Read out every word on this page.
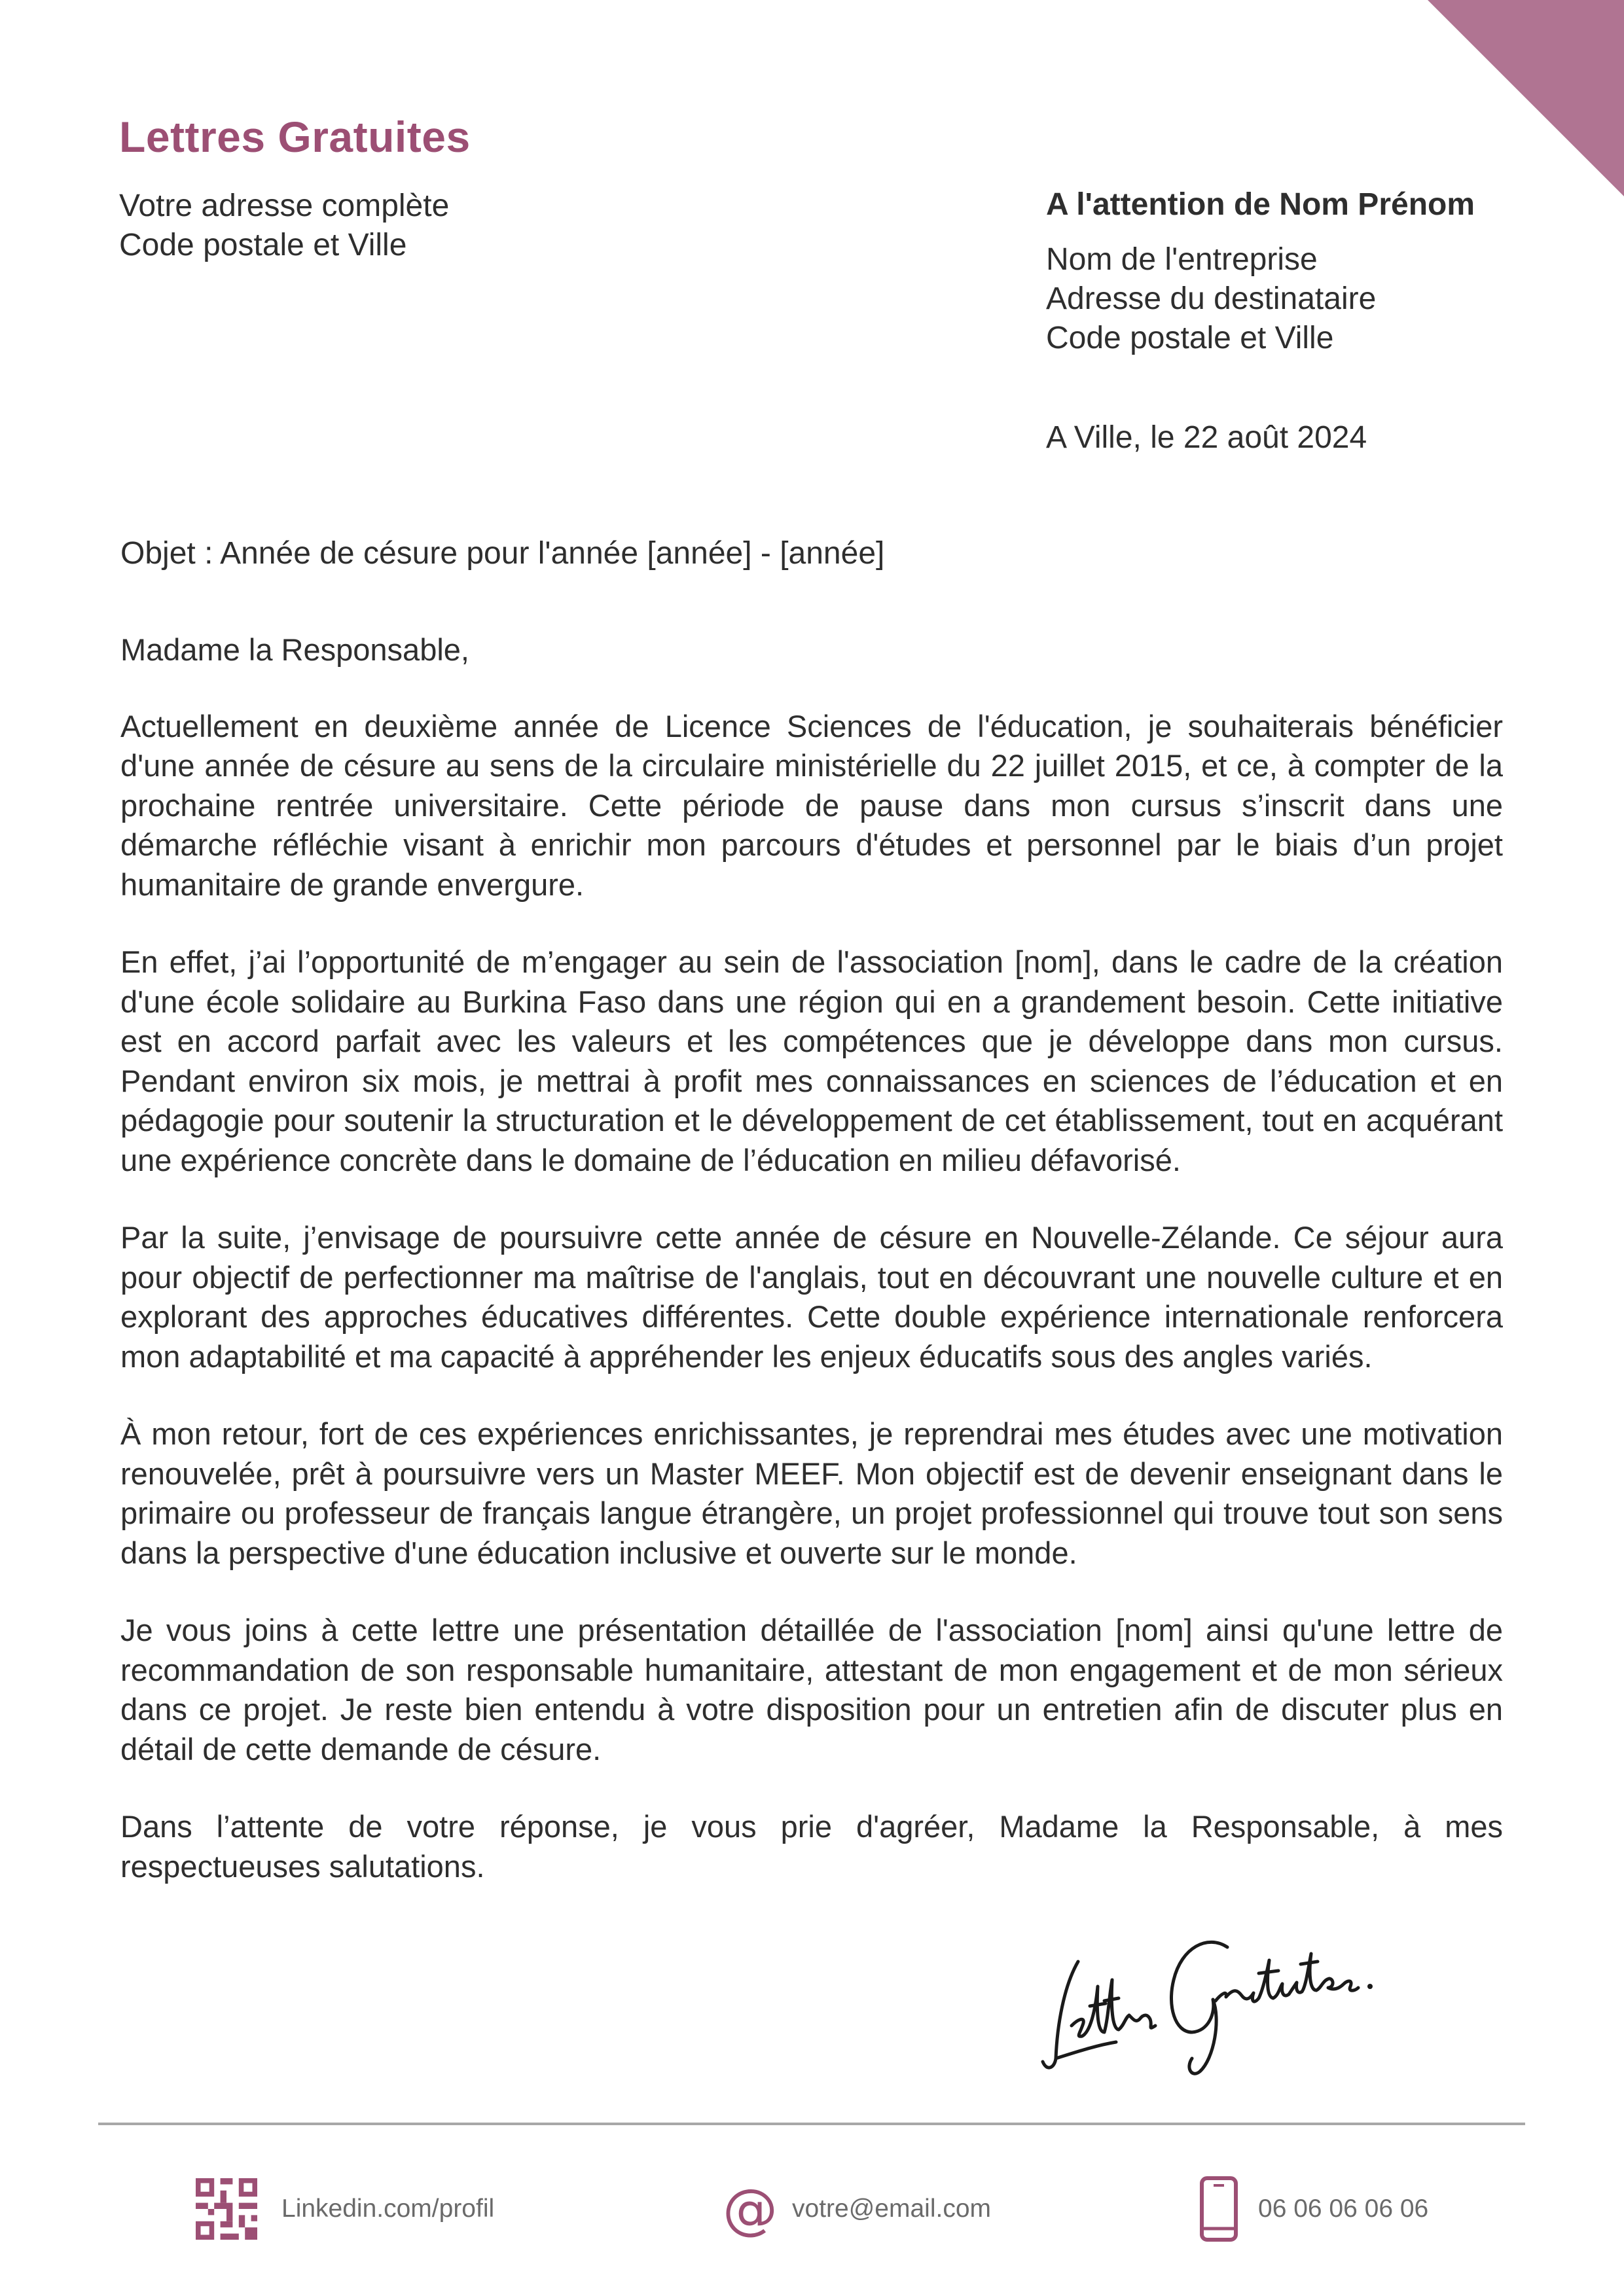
Lettres Gratuites
Votre adresse complète
Code postale et Ville
A l'attention de Nom Prénom
Nom de l'entreprise
Adresse du destinataire
Code postale et Ville
A Ville, le 22 août 2024
Objet : Année de césure pour l'année [année] - [année]

Madame la Responsable,

Actuellement en deuxième année de Licence Sciences de l'éducation, je souhaiterais bénéficier d'une année de césure au sens de la circulaire ministérielle du 22 juillet 2015, et ce, à compter de la prochaine rentrée universitaire. Cette période de pause dans mon cursus s’inscrit dans une démarche réfléchie visant à enrichir mon parcours d'études et personnel par le biais d’un projet humanitaire de grande envergure.

En effet, j’ai l’opportunité de m’engager au sein de l'association [nom], dans le cadre de la création d'une école solidaire au Burkina Faso dans une région qui en a grandement besoin. Cette initiative est en accord parfait avec les valeurs et les compétences que je développe dans mon cursus. Pendant environ six mois, je mettrai à profit mes connaissances en sciences de l’éducation et en pédagogie pour soutenir la structuration et le développement de cet établissement, tout en acquérant une expérience concrète dans le domaine de l’éducation en milieu défavorisé.

Par la suite, j’envisage de poursuivre cette année de césure en Nouvelle-Zélande. Ce séjour aura pour objectif de perfectionner ma maîtrise de l'anglais, tout en découvrant une nouvelle culture et en explorant des approches éducatives différentes. Cette double expérience internationale renforcera mon adaptabilité et ma capacité à appréhender les enjeux éducatifs sous des angles variés.

À mon retour, fort de ces expériences enrichissantes, je reprendrai mes études avec une motivation renouvelée, prêt à poursuivre vers un Master MEEF. Mon objectif est de devenir enseignant dans le primaire ou professeur de français langue étrangère, un projet professionnel qui trouve tout son sens dans la perspective d'une éducation inclusive et ouverte sur le monde.

Je vous joins à cette lettre une présentation détaillée de l'association [nom] ainsi qu'une lettre de recommandation de son responsable humanitaire, attestant de mon engagement et de mon sérieux dans ce projet. Je reste bien entendu à votre disposition pour un entretien afin de discuter plus en détail de cette demande de césure.

Dans l’attente de votre réponse, je vous prie d'agréer, Madame la Responsable, à mes respectueuses salutations.

Linkedin.com/profil	@ votre@email.com	06 06 06 06 06
